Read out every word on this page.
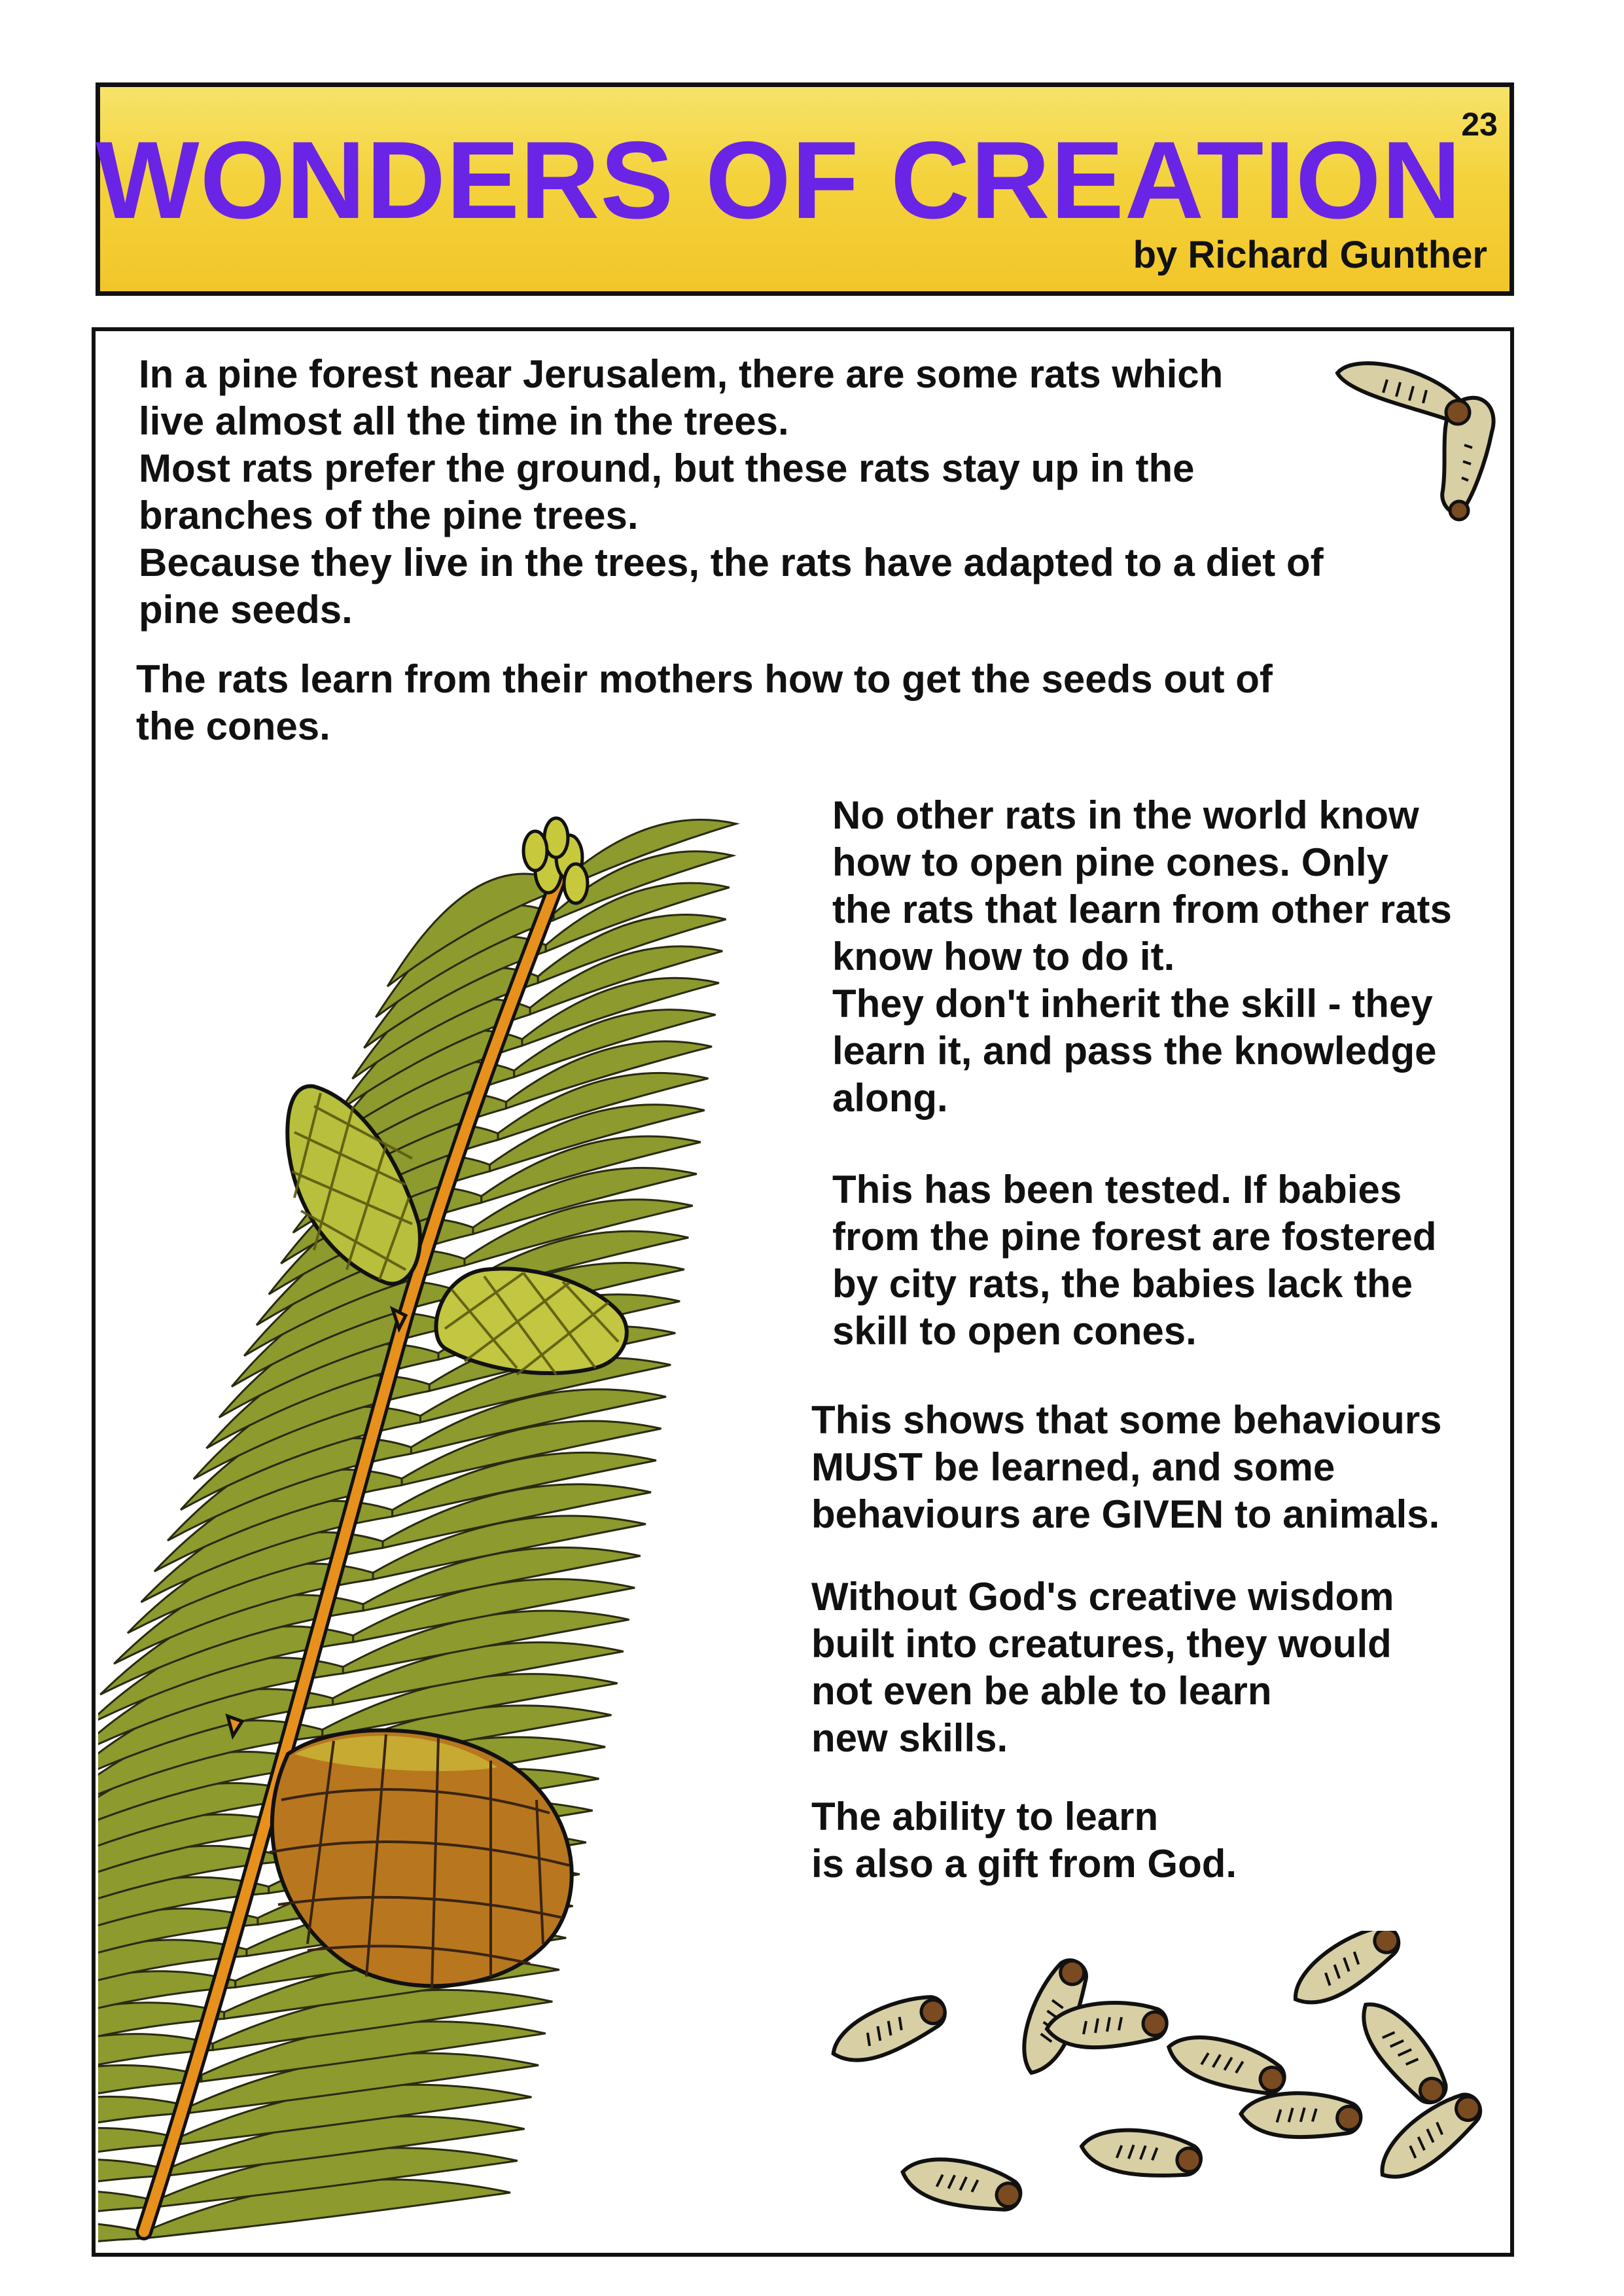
WONDERS OF CREATION 23
by Richard Gunther

In a pine forest near Jerusalem, there are some rats which

live almost all the time in the trees.

Most rats prefer the ground, but these rats stay up in the

branches of the pine trees.

Because they live in the trees, the rats have adapted to a diet of

pine seeds.

The rats learn from their mothers how to get the seeds out of

the cones.

No other rats in the world know

how to open pine cones. Only

the rats that learn from other rats

know how to do it.

They don't inherit the skill - they

learn it, and pass the knowledge

along.

This has been tested. If babies

from the pine forest are fostered

by city rats, the babies lack the

skill to open cones.

This shows that some behaviours

MUST be learned, and some

behaviours are GIVEN to animals.

Without God's creative wisdom

built into creatures, they would

not even be able to learn

new skills.

The ability to learn

is also a gift from God.
